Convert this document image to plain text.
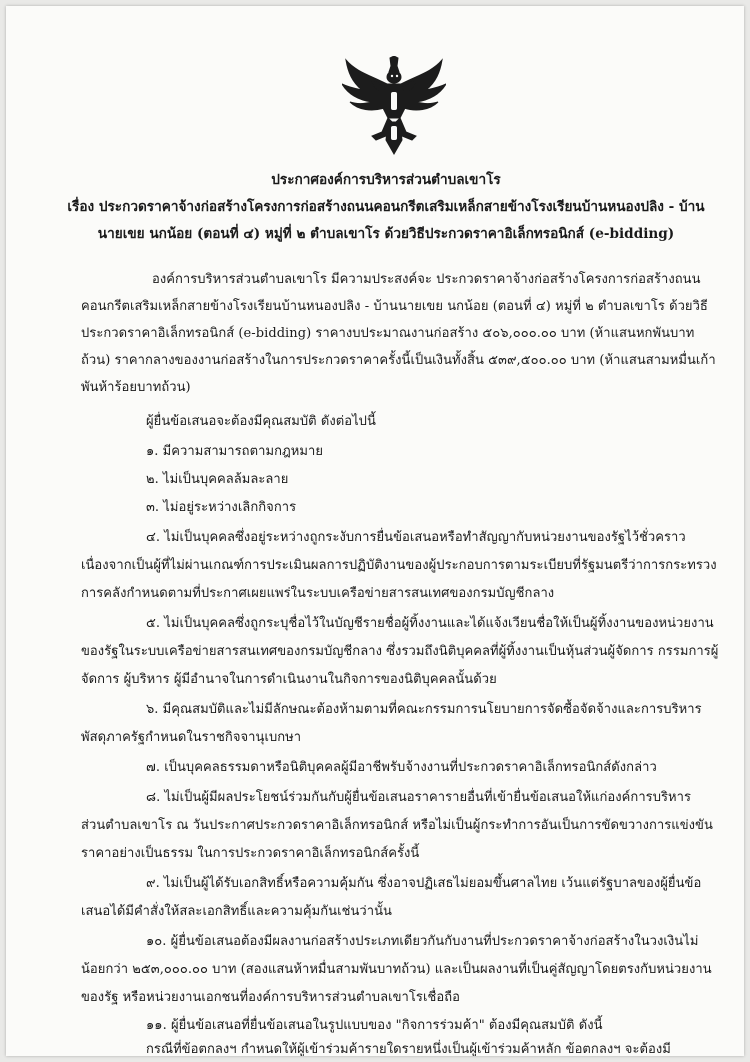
ประกาศองค์การบริหารส่วนตำบลเขาโร
เรื่อง ประกวดราคาจ้างก่อสร้างโครงการก่อสร้างถนนคอนกรีตเสริมเหล็กสายข้างโรงเรียนบ้านหนองปลิง - บ้าน
นายเขย นกน้อย (ตอนที่ ๔) หมู่ที่ ๒ ตำบลเขาโร ด้วยวิธีประกวดราคาอิเล็กทรอนิกส์ (e-bidding)
องค์การบริหารส่วนตำบลเขาโร มีความประสงค์จะ ประกวดราคาจ้างก่อสร้างโครงการก่อสร้างถนน
คอนกรีตเสริมเหล็กสายข้างโรงเรียนบ้านหนองปลิง - บ้านนายเขย นกน้อย (ตอนที่ ๔) หมู่ที่ ๒ ตำบลเขาโร ด้วยวิธี
ประกวดราคาอิเล็กทรอนิกส์ (e-bidding) ราคางบประมาณงานก่อสร้าง ๕๐๖,๐๐๐.๐๐ บาท (ห้าแสนหกพันบาท
ถ้วน) ราคากลางของงานก่อสร้างในการประกวดราคาครั้งนี้เป็นเงินทั้งสิ้น ๕๓๙,๕๐๐.๐๐ บาท (ห้าแสนสามหมื่นเก้า
พันห้าร้อยบาทถ้วน)
ผู้ยื่นข้อเสนอจะต้องมีคุณสมบัติ ดังต่อไปนี้
๑. มีความสามารถตามกฎหมาย
๒. ไม่เป็นบุคคลล้มละลาย
๓. ไม่อยู่ระหว่างเลิกกิจการ
๔. ไม่เป็นบุคคลซึ่งอยู่ระหว่างถูกระงับการยื่นข้อเสนอหรือทำสัญญากับหน่วยงานของรัฐไว้ชั่วคราว
เนื่องจากเป็นผู้ที่ไม่ผ่านเกณฑ์การประเมินผลการปฏิบัติงานของผู้ประกอบการตามระเบียบที่รัฐมนตรีว่าการกระทรวง
การคลังกำหนดตามที่ประกาศเผยแพร่ในระบบเครือข่ายสารสนเทศของกรมบัญชีกลาง
๕. ไม่เป็นบุคคลซึ่งถูกระบุชื่อไว้ในบัญชีรายชื่อผู้ทิ้งงานและได้แจ้งเวียนชื่อให้เป็นผู้ทิ้งงานของหน่วยงาน
ของรัฐในระบบเครือข่ายสารสนเทศของกรมบัญชีกลาง ซึ่งรวมถึงนิติบุคคลที่ผู้ทิ้งงานเป็นหุ้นส่วนผู้จัดการ กรรมการผู้
จัดการ ผู้บริหาร ผู้มีอำนาจในการดำเนินงานในกิจการของนิติบุคคลนั้นด้วย
๖. มีคุณสมบัติและไม่มีลักษณะต้องห้ามตามที่คณะกรรมการนโยบายการจัดซื้อจัดจ้างและการบริหาร
พัสดุภาครัฐกำหนดในราชกิจจานุเบกษา
๗. เป็นบุคคลธรรมดาหรือนิติบุคคลผู้มีอาชีพรับจ้างงานที่ประกวดราคาอิเล็กทรอนิกส์ดังกล่าว
๘. ไม่เป็นผู้มีผลประโยชน์ร่วมกันกับผู้ยื่นข้อเสนอราคารายอื่นที่เข้ายื่นข้อเสนอให้แก่องค์การบริหาร
ส่วนตำบลเขาโร ณ วันประกาศประกวดราคาอิเล็กทรอนิกส์ หรือไม่เป็นผู้กระทำการอันเป็นการขัดขวางการแข่งขัน
ราคาอย่างเป็นธรรม ในการประกวดราคาอิเล็กทรอนิกส์ครั้งนี้
๙. ไม่เป็นผู้ได้รับเอกสิทธิ์หรือความคุ้มกัน ซึ่งอาจปฏิเสธไม่ยอมขึ้นศาลไทย เว้นแต่รัฐบาลของผู้ยื่นข้อ
เสนอได้มีคำสั่งให้สละเอกสิทธิ์และความคุ้มกันเช่นว่านั้น
๑๐. ผู้ยื่นข้อเสนอต้องมีผลงานก่อสร้างประเภทเดียวกันกับงานที่ประกวดราคาจ้างก่อสร้างในวงเงินไม่
น้อยกว่า ๒๕๓,๐๐๐.๐๐ บาท (สองแสนห้าหมื่นสามพันบาทถ้วน) และเป็นผลงานที่เป็นคู่สัญญาโดยตรงกับหน่วยงาน
ของรัฐ หรือหน่วยงานเอกชนที่องค์การบริหารส่วนตำบลเขาโรเชื่อถือ
๑๑. ผู้ยื่นข้อเสนอที่ยื่นข้อเสนอในรูปแบบของ "กิจการร่วมค้า" ต้องมีคุณสมบัติ ดังนี้
กรณีที่ข้อตกลงฯ กำหนดให้ผู้เข้าร่วมค้ารายใดรายหนึ่งเป็นผู้เข้าร่วมค้าหลัก ข้อตกลงฯ จะต้องมี
